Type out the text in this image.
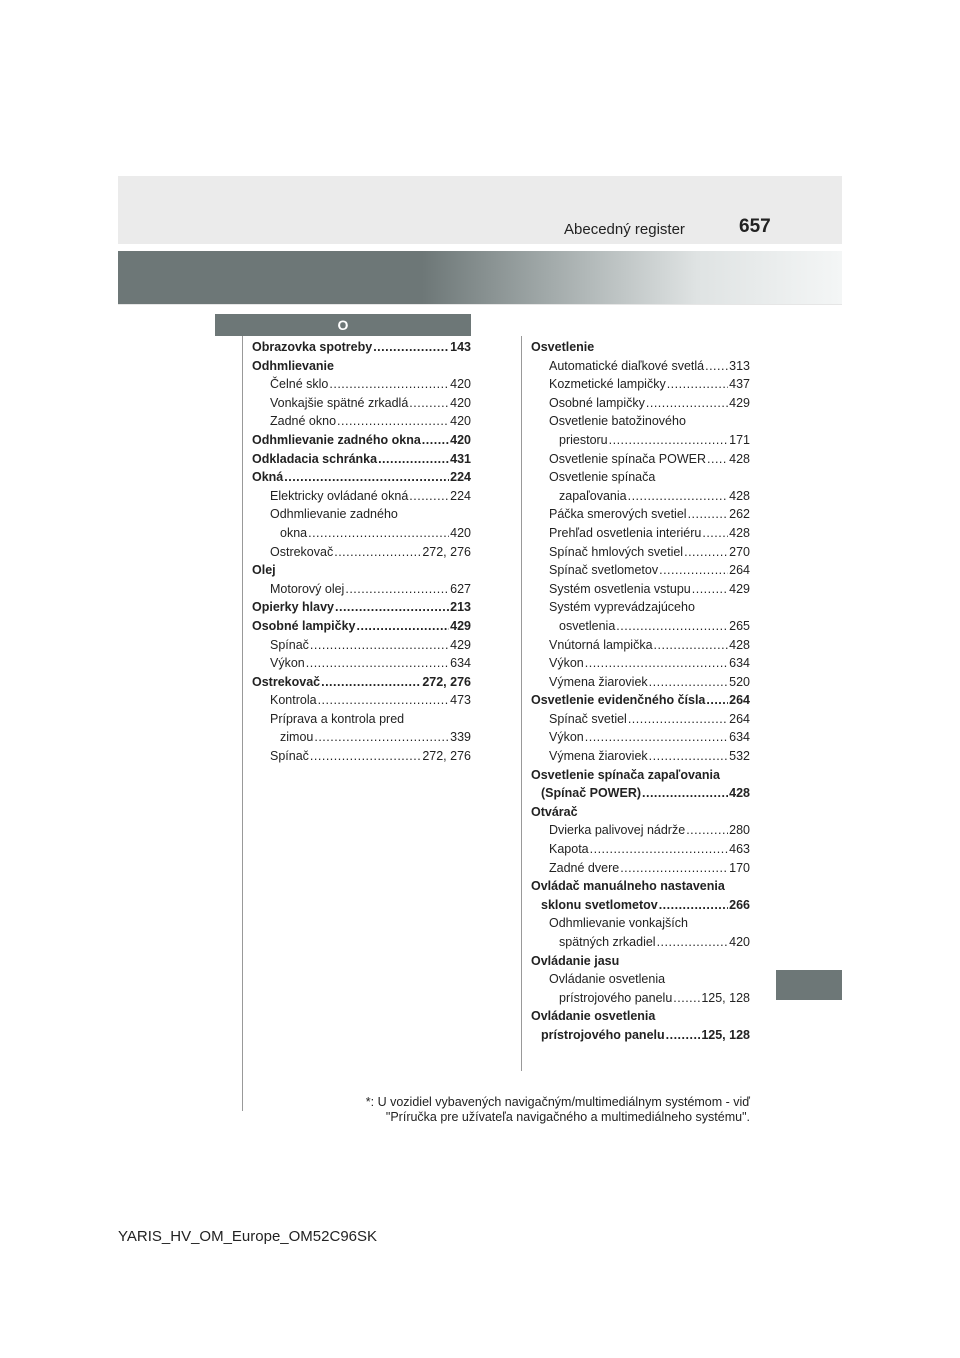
Abecedný register	657
O
Obrazovka spotreby .....	143
Odhmlievanie
Čelné sklo .....	420
Vonkajšie spätné zrkadlá .....	420
Zadné okno .....	420
Odhmlievanie zadného okna ..... 420
Odkladacia schránka .....	431
Okná .....	224
Elektricky ovládané okná .....	224
Odhmlievanie zadného
okna .....	420
Ostrekovač .....	272, 276
Olej
Motorový olej .....	627
Opierky hlavy .....	213
Osobné lampičky .....	429
Spínač .....	429
Výkon .....	634
Ostrekovač .....	272, 276
Kontrola .....	473
Príprava a kontrola pred
zimou .....	339
Spínač .....	272, 276
Osvetlenie
Automatické diaľkové svetlá ..... 313
Kozmetické lampičky .....	437
Osobné lampičky .....	429
Osvetlenie batožinového
priestoru .....	171
Osvetlenie spínača POWER ..... 428
Osvetlenie spínača
zapaľovania .....	428
Páčka smerových svetiel .....	262
Prehľad osvetlenia interiéru ..... 428
Spínač hmlových svetiel .....	270
Spínač svetlometov .....	264
Systém osvetlenia vstupu .....	429
Systém vyprevádzajúceho
osvetlenia .....	265
Vnútorná lampička .....	428
Výkon .....	634
Výmena žiaroviek .....	520
Osvetlenie evidenčného čísla ..... 264
Spínač svetiel .....	264
Výkon .....	634
Výmena žiaroviek .....	532
Osvetlenie spínača zapaľovania
(Spínač POWER) .....	428
Otvárač
Dvierka palivovej nádrže .....	280
Kapota .....	463
Zadné dvere .....	170
Ovládač manuálneho nastavenia
sklonu svetlometov .....	266
Odhmlievanie vonkajších
spätných zrkadiel .....	420
Ovládanie jasu
Ovládanie osvetlenia
prístrojového panelu ..... 125, 128
Ovládanie osvetlenia
prístrojového panelu .....	125, 128
*: U vozidiel vybavených navigačným/multimediálnym systémom - viď
"Príručka pre užívateľa navigačného a multimediálneho systému".
YARIS_HV_OM_Europe_OM52C96SK
